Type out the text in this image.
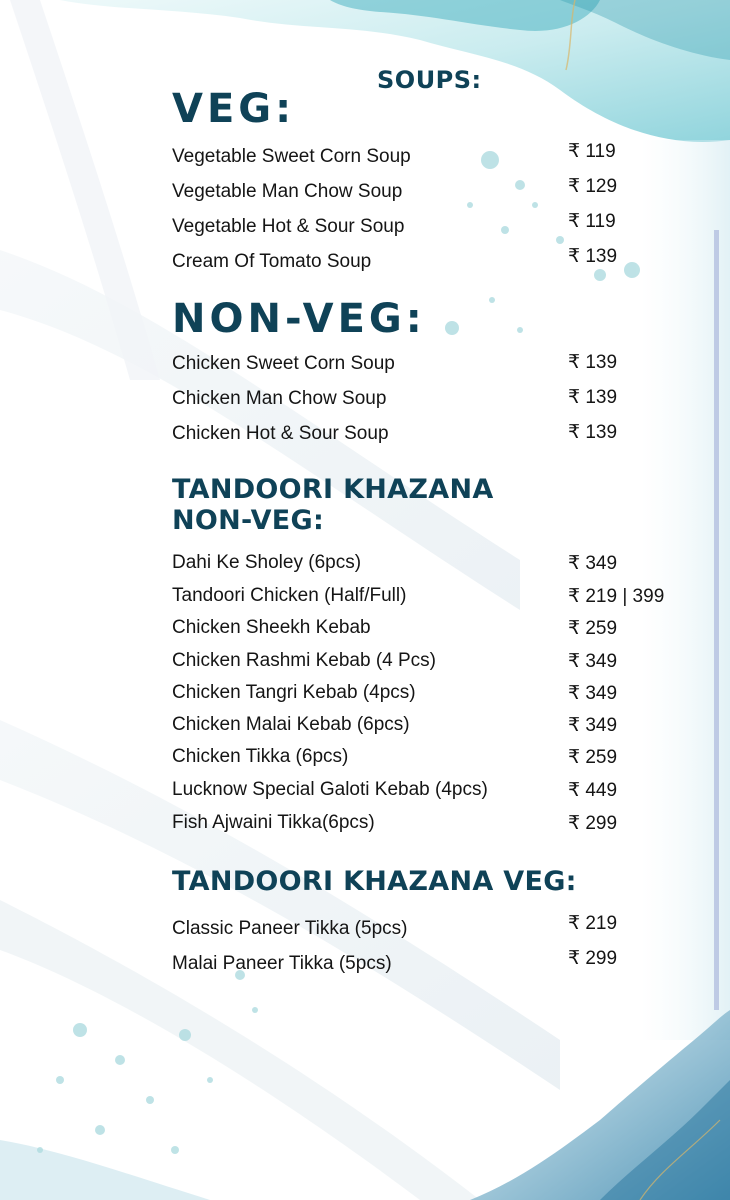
SOUPS:
VEG:
Vegetable Sweet Corn Soup	₹ 119
Vegetable Man Chow Soup	₹ 129
Vegetable Hot & Sour Soup	₹ 119
Cream Of Tomato Soup	₹ 139
NON-VEG:
Chicken Sweet Corn Soup	₹ 139
Chicken Man Chow Soup	₹ 139
Chicken Hot & Sour Soup	₹ 139
TANDOORI KHAZANA
NON-VEG:
Dahi Ke Sholey (6pcs)	₹ 349
Tandoori Chicken (Half/Full)	₹ 219 | 399
Chicken Sheekh Kebab	₹ 259
Chicken Rashmi Kebab (4 Pcs)	₹ 349
Chicken Tangri Kebab (4pcs)	₹ 349
Chicken Malai Kebab (6pcs)	₹ 349
Chicken Tikka (6pcs)	₹ 259
Lucknow Special Galoti Kebab (4pcs)	₹ 449
Fish Ajwaini Tikka(6pcs)	₹ 299
TANDOORI KHAZANA VEG:
Classic Paneer Tikka (5pcs)	₹ 219
Malai Paneer Tikka (5pcs)	₹ 299
